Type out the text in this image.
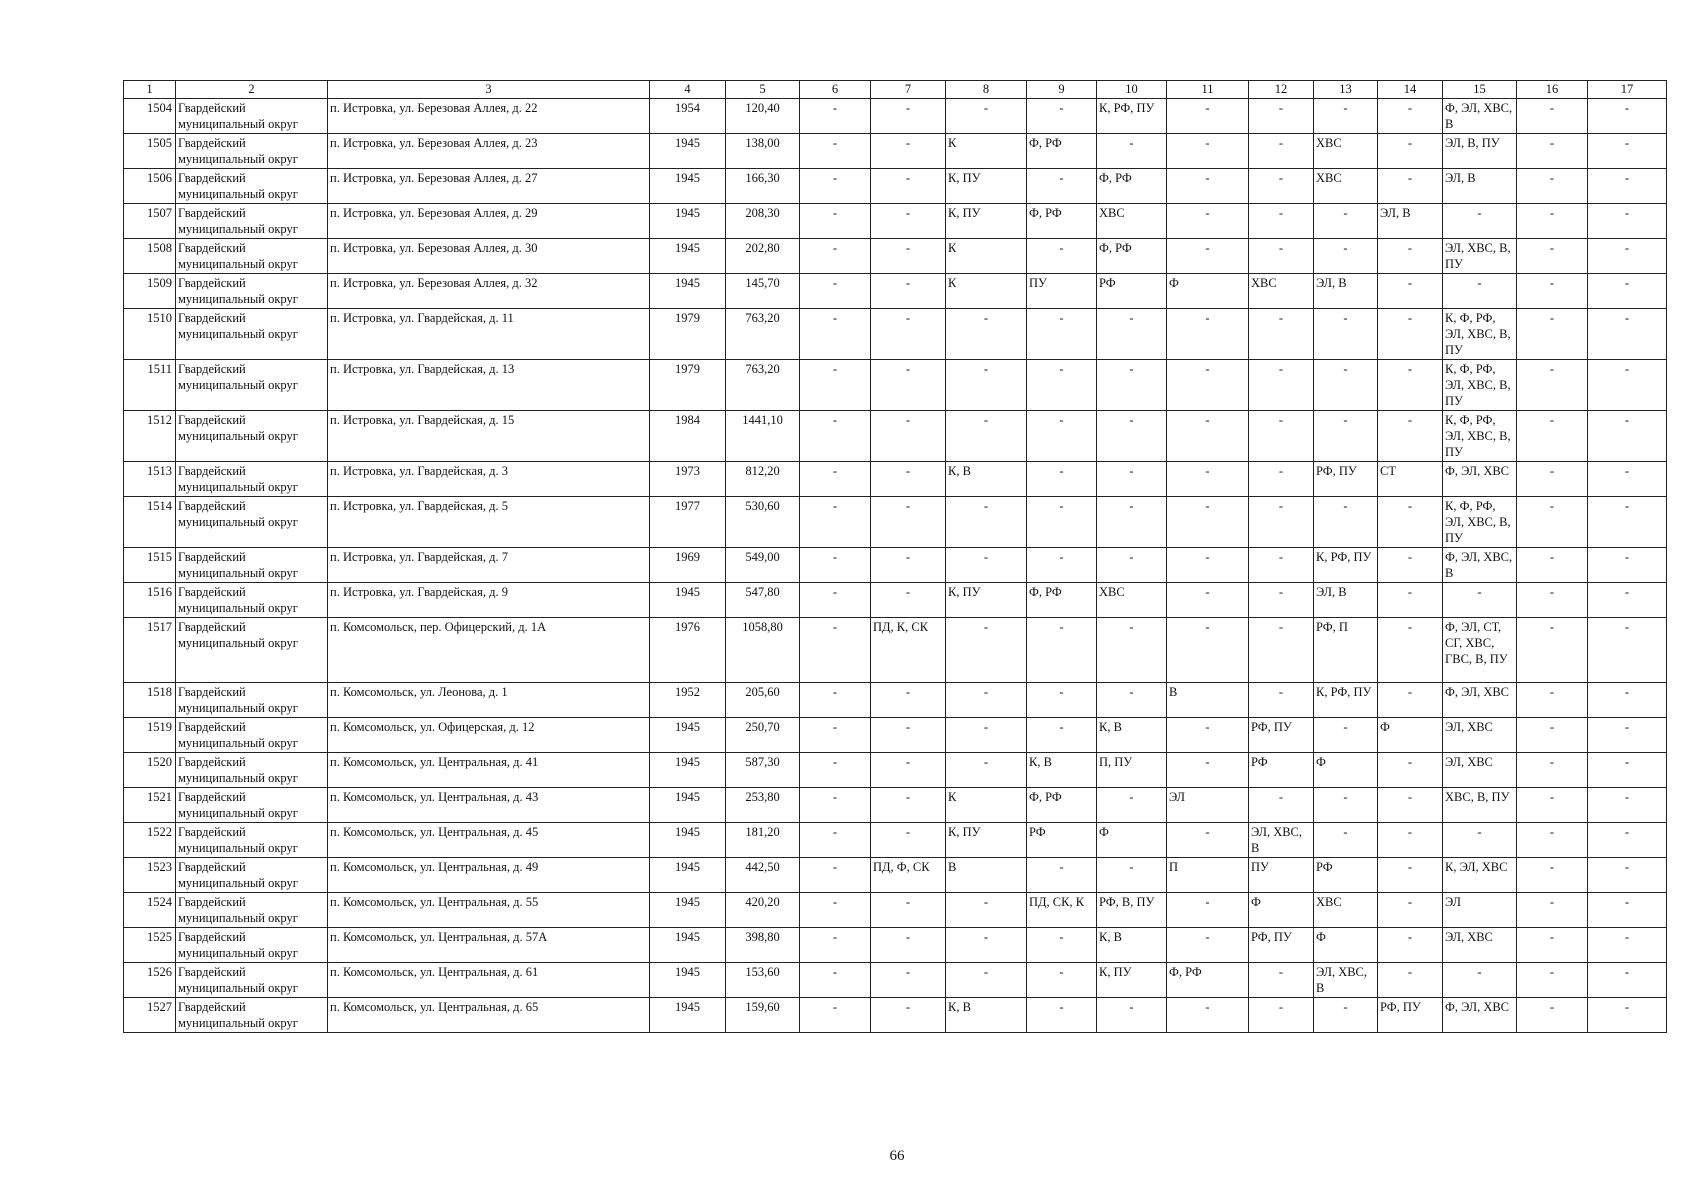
1	2	3	4	5	6	7	8	9	10	11	12	13	14	15	16	17
1504	Гвардейский муниципальный округ	п. Истровка, ул. Березовая Аллея, д. 22	1954	120,40	-	-	-	-	К, РФ, ПУ	-	-	-	-	Ф, ЭЛ, ХВС, В	-	-
1505	Гвардейский муниципальный округ	п. Истровка, ул. Березовая Аллея, д. 23	1945	138,00	-	-	К	Ф, РФ	-	-	-	ХВС	-	ЭЛ, В, ПУ	-	-
1506	Гвардейский муниципальный округ	п. Истровка, ул. Березовая Аллея, д. 27	1945	166,30	-	-	К, ПУ	-	Ф, РФ	-	-	ХВС	-	ЭЛ, В	-	-
1507	Гвардейский муниципальный округ	п. Истровка, ул. Березовая Аллея, д. 29	1945	208,30	-	-	К, ПУ	Ф, РФ	ХВС	-	-	-	ЭЛ, В	-	-	-
1508	Гвардейский муниципальный округ	п. Истровка, ул. Березовая Аллея, д. 30	1945	202,80	-	-	К	-	Ф, РФ	-	-	-	-	ЭЛ, ХВС, В, ПУ	-	-
1509	Гвардейский муниципальный округ	п. Истровка, ул. Березовая Аллея, д. 32	1945	145,70	-	-	К	ПУ	РФ	Ф	ХВС	ЭЛ, В	-	-	-	-
1510	Гвардейский муниципальный округ	п. Истровка, ул. Гвардейская, д. 11	1979	763,20	-	-	-	-	-	-	-	-	-	К, Ф, РФ, ЭЛ, ХВС, В, ПУ	-	-
1511	Гвардейский муниципальный округ	п. Истровка, ул. Гвардейская, д. 13	1979	763,20	-	-	-	-	-	-	-	-	-	К, Ф, РФ, ЭЛ, ХВС, В, ПУ	-	-
1512	Гвардейский муниципальный округ	п. Истровка, ул. Гвардейская, д. 15	1984	1441,10	-	-	-	-	-	-	-	-	-	К, Ф, РФ, ЭЛ, ХВС, В, ПУ	-	-
1513	Гвардейский муниципальный округ	п. Истровка, ул. Гвардейская, д. 3	1973	812,20	-	-	К, В	-	-	-	-	РФ, ПУ	СТ	Ф, ЭЛ, ХВС	-	-
1514	Гвардейский муниципальный округ	п. Истровка, ул. Гвардейская, д. 5	1977	530,60	-	-	-	-	-	-	-	-	-	К, Ф, РФ, ЭЛ, ХВС, В, ПУ	-	-
1515	Гвардейский муниципальный округ	п. Истровка, ул. Гвардейская, д. 7	1969	549,00	-	-	-	-	-	-	-	К, РФ, ПУ	-	Ф, ЭЛ, ХВС, В	-	-
1516	Гвардейский муниципальный округ	п. Истровка, ул. Гвардейская, д. 9	1945	547,80	-	-	К, ПУ	Ф, РФ	ХВС	-	-	ЭЛ, В	-	-	-	-
1517	Гвардейский муниципальный округ	п. Комсомольск, пер. Офицерский, д. 1А	1976	1058,80	-	ПД, К, СК	-	-	-	-	-	РФ, П	-	Ф, ЭЛ, СТ, СГ, ХВС, ГВС, В, ПУ	-	-
1518	Гвардейский муниципальный округ	п. Комсомольск, ул. Леонова, д. 1	1952	205,60	-	-	-	-	-	В	-	К, РФ, ПУ	-	Ф, ЭЛ, ХВС	-	-
1519	Гвардейский муниципальный округ	п. Комсомольск, ул. Офицерская, д. 12	1945	250,70	-	-	-	-	К, В	-	РФ, ПУ	-	Ф	ЭЛ, ХВС	-	-
1520	Гвардейский муниципальный округ	п. Комсомольск, ул. Центральная, д. 41	1945	587,30	-	-	-	К, В	П, ПУ	-	РФ	Ф	-	ЭЛ, ХВС	-	-
1521	Гвардейский муниципальный округ	п. Комсомольск, ул. Центральная, д. 43	1945	253,80	-	-	К	Ф, РФ	-	ЭЛ	-	-	-	ХВС, В, ПУ	-	-
1522	Гвардейский муниципальный округ	п. Комсомольск, ул. Центральная, д. 45	1945	181,20	-	-	К, ПУ	РФ	Ф	-	ЭЛ, ХВС, В	-	-	-	-	-
1523	Гвардейский муниципальный округ	п. Комсомольск, ул. Центральная, д. 49	1945	442,50	-	ПД, Ф, СК	В	-	-	П	ПУ	РФ	-	К, ЭЛ, ХВС	-	-
1524	Гвардейский муниципальный округ	п. Комсомольск, ул. Центральная, д. 55	1945	420,20	-	-	-	ПД, СК, К	РФ, В, ПУ	-	Ф	ХВС	-	ЭЛ	-	-
1525	Гвардейский муниципальный округ	п. Комсомольск, ул. Центральная, д. 57А	1945	398,80	-	-	-	-	К, В	-	РФ, ПУ	Ф	-	ЭЛ, ХВС	-	-
1526	Гвардейский муниципальный округ	п. Комсомольск, ул. Центральная, д. 61	1945	153,60	-	-	-	-	К, ПУ	Ф, РФ	-	ЭЛ, ХВС, В	-	-	-	-
1527	Гвардейский муниципальный округ	п. Комсомольск, ул. Центральная, д. 65	1945	159,60	-	-	К, В	-	-	-	-	-	РФ, ПУ	Ф, ЭЛ, ХВС	-	-
66
